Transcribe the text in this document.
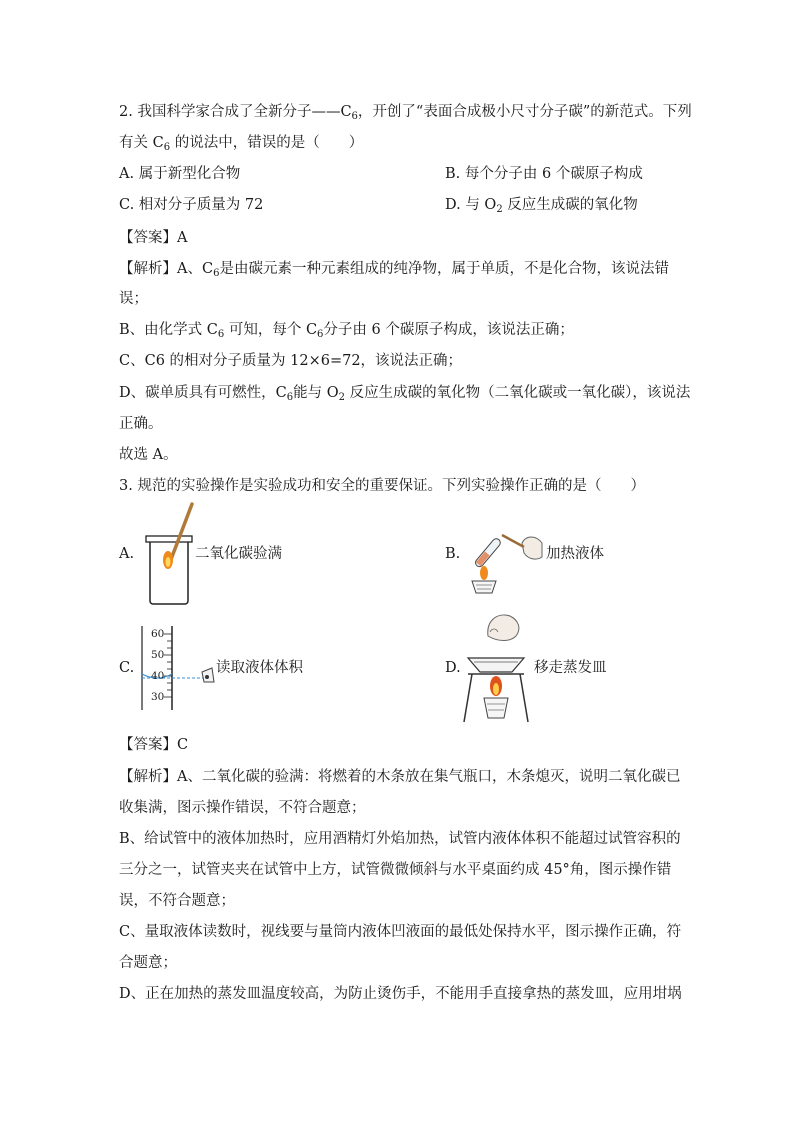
2. 我国科学家合成了全新分子$——C_6$，开创了“表面合成极小尺寸分子碳”的新范式。下列
有关 $C_6$ 的说法中，错误的是（　　）
A. 属于新型化合物	B. 每个分子由 6 个碳原子构成
C. 相对分子质量为 72	D. 与 $O_2$ 反应生成碳的氧化物
【答案】A
【解析】A、$C_6$是由碳元素一种元素组成的纯净物，属于单质，不是化合物，该说法错
误；
B、由化学式 $C_6$ 可知，每个 $C_6$分子由 6 个碳原子构成，该说法正确；
C、C6 的相对分子质量为 12×6=72，该说法正确；
D、碳单质具有可燃性，$C_6$能与 $O_2$ 反应生成碳的氧化物（二氧化碳或一氧化碳），该说法
正确。
故选 A。
3. 规范的实验操作是实验成功和安全的重要保证。下列实验操作正确的是（　　）
A.	二氧化碳验满	B.	加热液体
C.
60
50
40
30
读取液体体积	D.	移走蒸发皿
【答案】C
【解析】A、二氧化碳的验满：将燃着的木条放在集气瓶口，木条熄灭，说明二氧化碳已
收集满，图示操作错误，不符合题意；
B、给试管中的液体加热时，应用酒精灯外焰加热，试管内液体体积不能超过试管容积的
三分之一，试管夹夹在试管中上方，试管微微倾斜与水平桌面约成 45°角，图示操作错
误，不符合题意；
C、量取液体读数时，视线要与量筒内液体凹液面的最低处保持水平，图示操作正确，符
合题意；
D、正在加热的蒸发皿温度较高，为防止烫伤手，不能用手直接拿热的蒸发皿，应用坩埚
